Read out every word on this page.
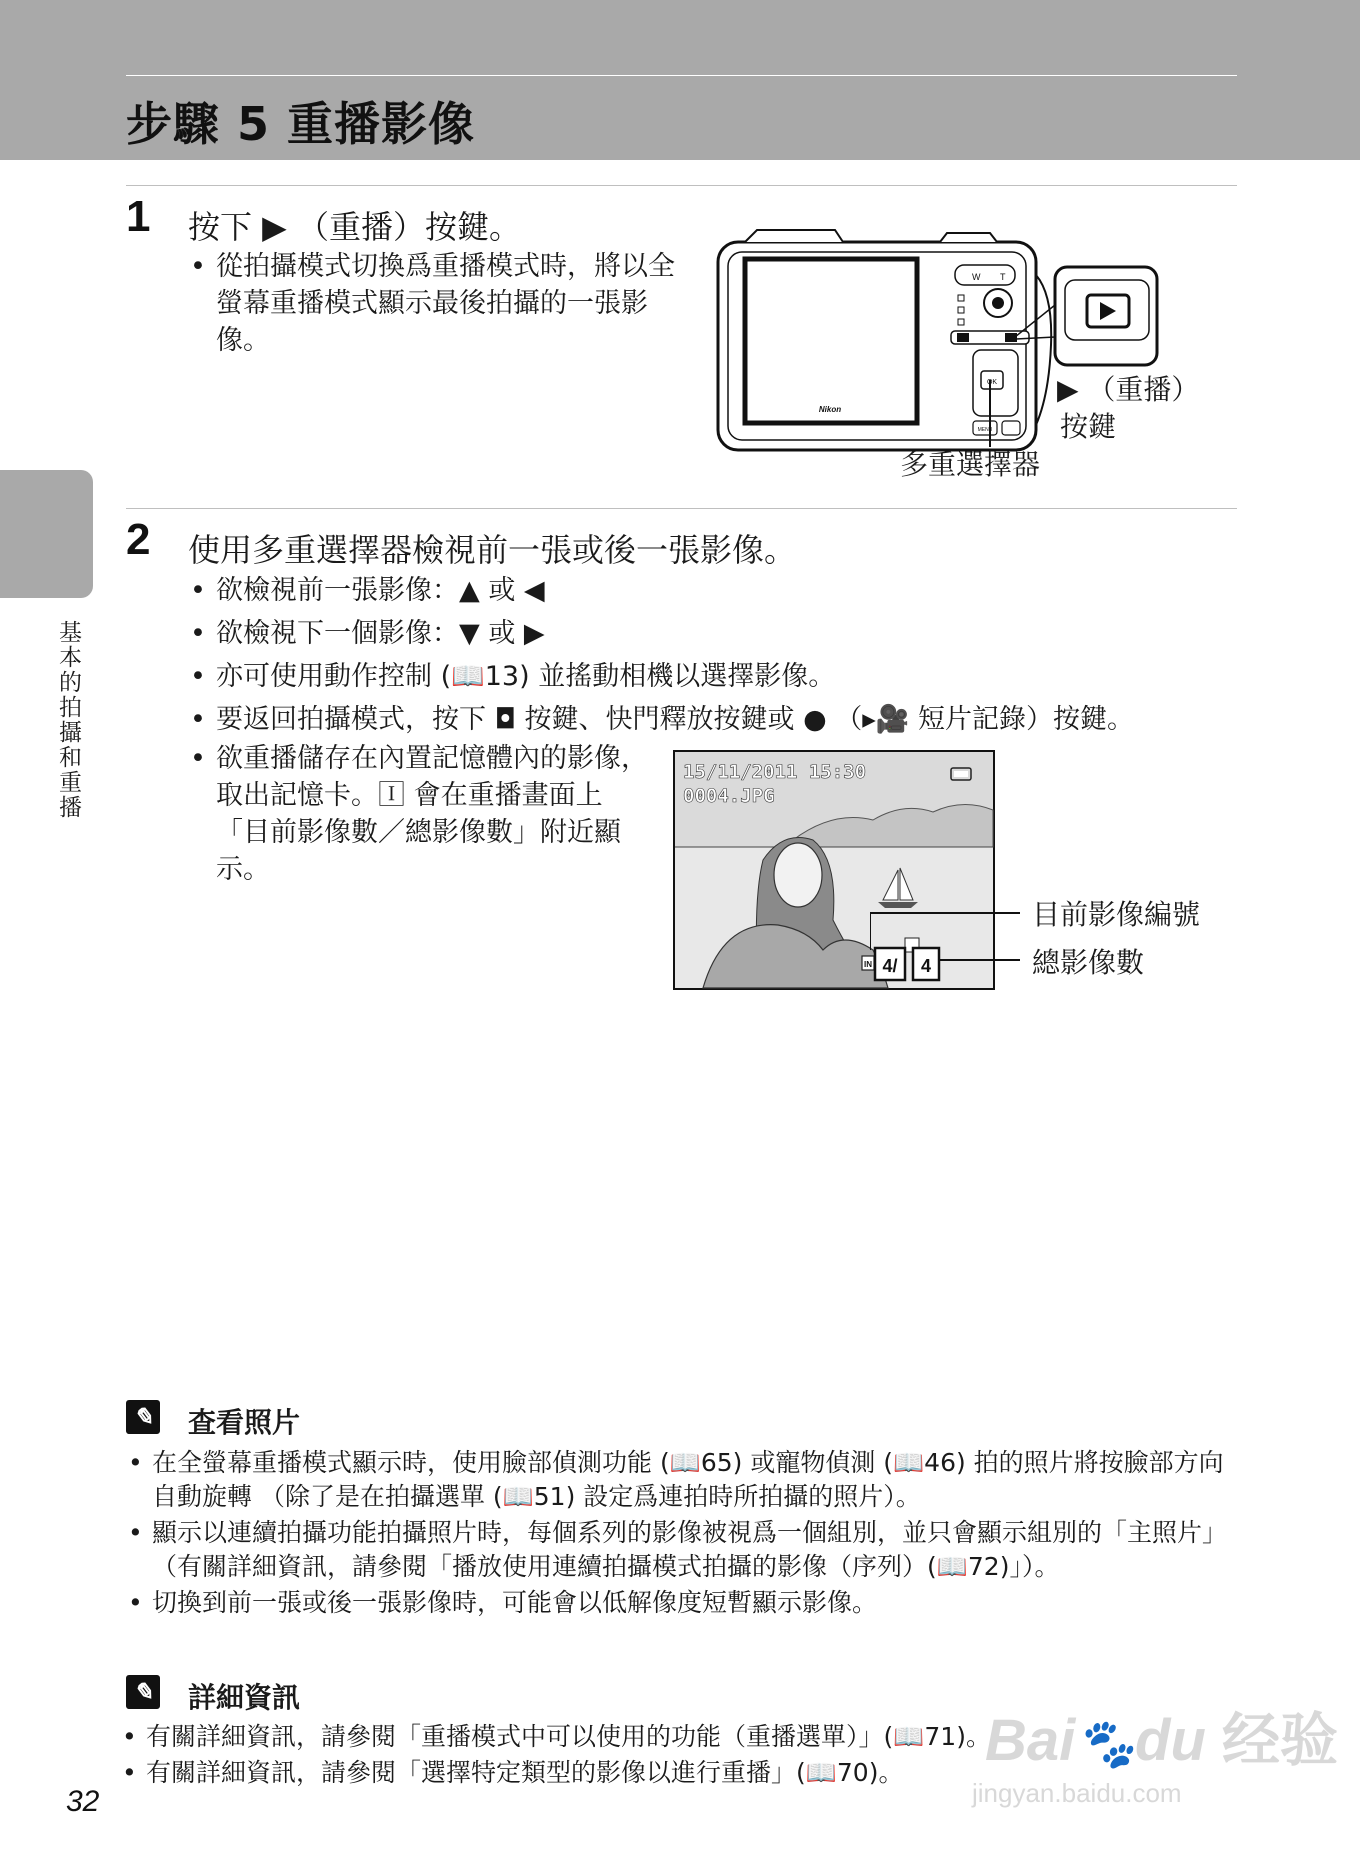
步驟 5 重播影像
基本的拍攝和重播
1 按下 ▶ （重播）按鍵。
• 從拍攝模式切換爲重播模式時，將以全螢幕重播模式顯示最後拍攝的一張影像。
Nikon
W T
OK
MENU
▶ （重播）
按鍵
多重選擇器
2 使用多重選擇器檢視前一張或後一張影像。
• 欲檢視前一張影像：▲ 或 ◀
• 欲檢視下一個影像：▼ 或 ▶
• 亦可使用動作控制 (📖13) 並搖動相機以選擇影像。
• 要返回拍攝模式，按下 ◘ 按鍵、快門釋放按鍵或 ● （▸🎥 短片記錄）按鍵。
• 欲重播儲存在內置記憶體內的影像，取出記憶卡。🄸 會在重播畫面上「目前影像數／總影像數」附近顯示。
15/11/2011 15:30
0004.JPG
IN 4/ 4
目前影像編號
總影像數
✎ 查看照片
• 在全螢幕重播模式顯示時，使用臉部偵測功能 (📖65) 或寵物偵測 (📖46) 拍的照片將按臉部方向自動旋轉 （除了是在拍攝選單 (📖51) 設定爲連拍時所拍攝的照片）。
• 顯示以連續拍攝功能拍攝照片時，每個系列的影像被視爲一個組別，並只會顯示組別的「主照片」（有關詳細資訊，請參閱「播放使用連續拍攝模式拍攝的影像（序列）(📖72)」）。
• 切換到前一張或後一張影像時，可能會以低解像度短暫顯示影像。
✎ 詳細資訊
• 有關詳細資訊，請參閱「重播模式中可以使用的功能（重播選單）」(📖71)。
• 有關詳細資訊，請參閱「選擇特定類型的影像以進行重播」(📖70)。
32
Bai🐾du 经验
jingyan.baidu.com
